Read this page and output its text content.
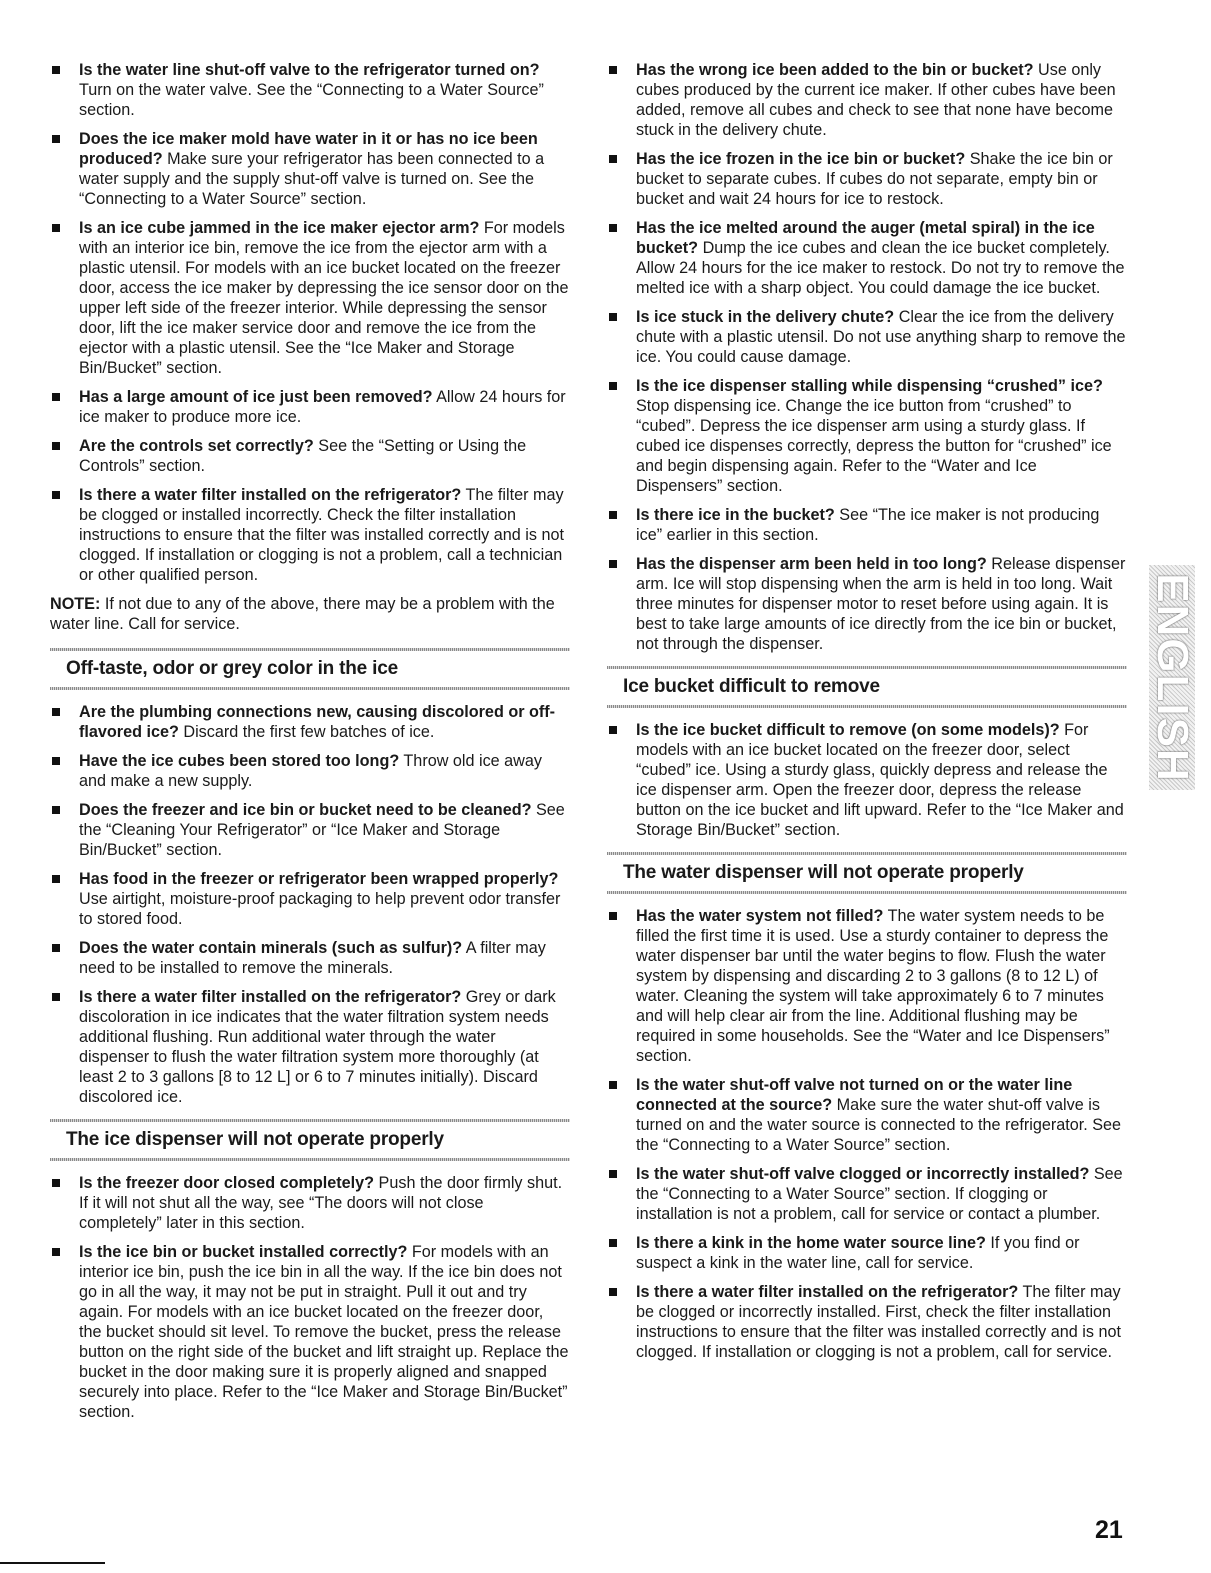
Is the water line shut-off valve to the refrigerator turned on? Turn on the water valve. See the “Connecting to a Water Source” section.
Does the ice maker mold have water in it or has no ice been produced? Make sure your refrigerator has been connected to a water supply and the supply shut-off valve is turned on. See the “Connecting to a Water Source” section.
Is an ice cube jammed in the ice maker ejector arm? For models with an interior ice bin, remove the ice from the ejector arm with a plastic utensil. For models with an ice bucket located on the freezer door, access the ice maker by depressing the ice sensor door on the upper left side of the freezer interior. While depressing the sensor door, lift the ice maker service door and remove the ice from the ejector with a plastic utensil. See the “Ice Maker and Storage Bin/Bucket” section.
Has a large amount of ice just been removed? Allow 24 hours for ice maker to produce more ice.
Are the controls set correctly? See the “Setting or Using the Controls” section.
Is there a water filter installed on the refrigerator? The filter may be clogged or installed incorrectly. Check the filter installation instructions to ensure that the filter was installed correctly and is not clogged. If installation or clogging is not a problem, call a technician or other qualified person.

NOTE: If not due to any of the above, there may be a problem with the water line. Call for service.

Off-taste, odor or grey color in the ice
Are the plumbing connections new, causing discolored or off-flavored ice? Discard the first few batches of ice.
Have the ice cubes been stored too long? Throw old ice away and make a new supply.
Does the freezer and ice bin or bucket need to be cleaned? See the “Cleaning Your Refrigerator” or “Ice Maker and Storage Bin/Bucket” section.
Has food in the freezer or refrigerator been wrapped properly? Use airtight, moisture-proof packaging to help prevent odor transfer to stored food.
Does the water contain minerals (such as sulfur)? A filter may need to be installed to remove the minerals.
Is there a water filter installed on the refrigerator? Grey or dark discoloration in ice indicates that the water filtration system needs additional flushing. Run additional water through the water dispenser to flush the water filtration system more thoroughly (at least 2 to 3 gallons [8 to 12 L] or 6 to 7 minutes initially). Discard discolored ice.
The ice dispenser will not operate properly
Is the freezer door closed completely? Push the door firmly shut. If it will not shut all the way, see “The doors will not close completely” later in this section.
Is the ice bin or bucket installed correctly? For models with an interior ice bin, push the ice bin in all the way. If the ice bin does not go in all the way, it may not be put in straight. Pull it out and try again. For models with an ice bucket located on the freezer door, the bucket should sit level. To remove the bucket, press the release button on the right side of the bucket and lift straight up. Replace the bucket in the door making sure it is properly aligned and snapped securely into place. Refer to the “Ice Maker and Storage Bin/Bucket” section.
Has the wrong ice been added to the bin or bucket? Use only cubes produced by the current ice maker. If other cubes have been added, remove all cubes and check to see that none have become stuck in the delivery chute.
Has the ice frozen in the ice bin or bucket? Shake the ice bin or bucket to separate cubes. If cubes do not separate, empty bin or bucket and wait 24 hours for ice to restock.
Has the ice melted around the auger (metal spiral) in the ice bucket? Dump the ice cubes and clean the ice bucket completely. Allow 24 hours for the ice maker to restock. Do not try to remove the melted ice with a sharp object. You could damage the ice bucket.
Is ice stuck in the delivery chute? Clear the ice from the delivery chute with a plastic utensil. Do not use anything sharp to remove the ice. You could cause damage.
Is the ice dispenser stalling while dispensing “crushed” ice? Stop dispensing ice. Change the ice button from “crushed” to “cubed”. Depress the ice dispenser arm using a sturdy glass. If cubed ice dispenses correctly, depress the button for “crushed” ice and begin dispensing again. Refer to the “Water and Ice Dispensers” section.
Is there ice in the bucket? See “The ice maker is not producing ice” earlier in this section.
Has the dispenser arm been held in too long? Release dispenser arm. Ice will stop dispensing when the arm is held in too long. Wait three minutes for dispenser motor to reset before using again. It is best to take large amounts of ice directly from the ice bin or bucket, not through the dispenser.
Ice bucket difficult to remove
Is the ice bucket difficult to remove (on some models)? For models with an ice bucket located on the freezer door, select “cubed” ice. Using a sturdy glass, quickly depress and release the ice dispenser arm. Open the freezer door, depress the release button on the ice bucket and lift upward. Refer to the “Ice Maker and Storage Bin/Bucket” section.
The water dispenser will not operate properly
Has the water system not filled? The water system needs to be filled the first time it is used. Use a sturdy container to depress the water dispenser bar until the water begins to flow. Flush the water system by dispensing and discarding 2 to 3 gallons (8 to 12 L) of water. Cleaning the system will take approximately 6 to 7 minutes and will help clear air from the line. Additional flushing may be required in some households. See the “Water and Ice Dispensers” section.
Is the water shut-off valve not turned on or the water line connected at the source? Make sure the water shut-off valve is turned on and the water source is connected to the refrigerator. See the “Connecting to a Water Source” section.
Is the water shut-off valve clogged or incorrectly installed? See the “Connecting to a Water Source” section. If clogging or installation is not a problem, call for service or contact a plumber.
Is there a kink in the home water source line? If you find or suspect a kink in the water line, call for service.
Is there a water filter installed on the refrigerator? The filter may be clogged or incorrectly installed. First, check the filter installation instructions to ensure that the filter was installed correctly and is not clogged. If installation or clogging is not a problem, call for service.
ENGLISH
21
